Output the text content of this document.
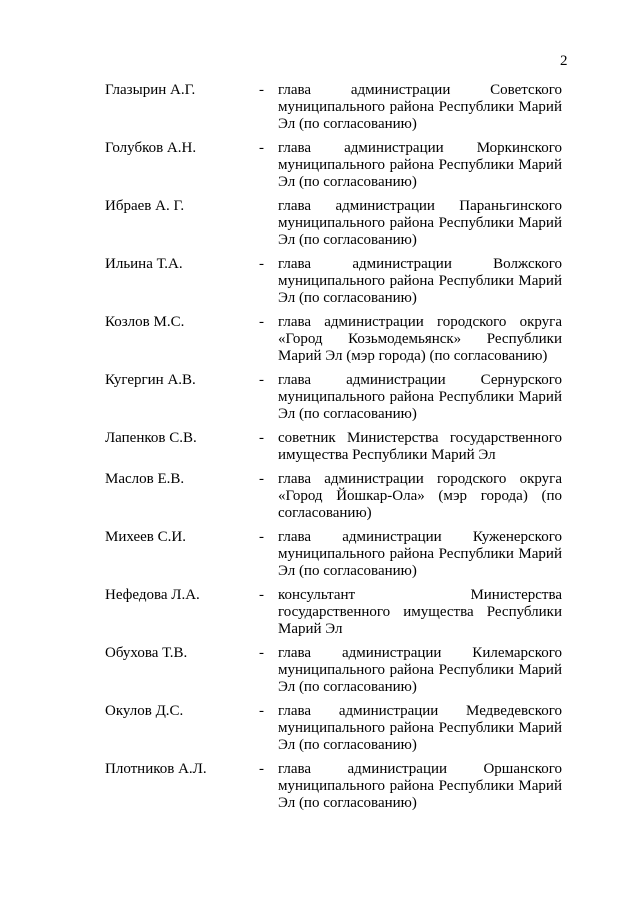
2
Глазырин А.Г.	- глава администрации Советского муниципального района Республики Марий Эл (по согласованию)
Голубков А.Н.	- глава администрации Моркинского муниципального района Республики Марий Эл (по согласованию)
Ибраев А. Г.	глава администрации Параньгинского муниципального района Республики Марий Эл (по согласованию)
Ильина Т.А.	- глава администрации Волжского муниципального района Республики Марий Эл (по согласованию)
Козлов М.С.	- глава администрации городского округа «Город Козьмодемьянск» Республики Марий Эл (мэр города) (по согласованию)
Кугергин А.В.	- глава администрации Сернурского муниципального района Республики Марий Эл (по согласованию)
Лапенков С.В.	- советник Министерства государственного имущества Республики Марий Эл
Маслов Е.В.	- глава администрации городского округа «Город Йошкар-Ола» (мэр города) (по согласованию)
Михеев С.И.	- глава администрации Куженерского муниципального района Республики Марий Эл (по согласованию)
Нефедова Л.А.	- консультант Министерства государственного имущества Республики Марий Эл
Обухова Т.В.	- глава администрации Килемарского муниципального района Республики Марий Эл (по согласованию)
Окулов Д.С.	- глава администрации Медведевского муниципального района Республики Марий Эл (по согласованию)
Плотников А.Л.	- глава администрации Оршанского муниципального района Республики Марий Эл (по согласованию)
